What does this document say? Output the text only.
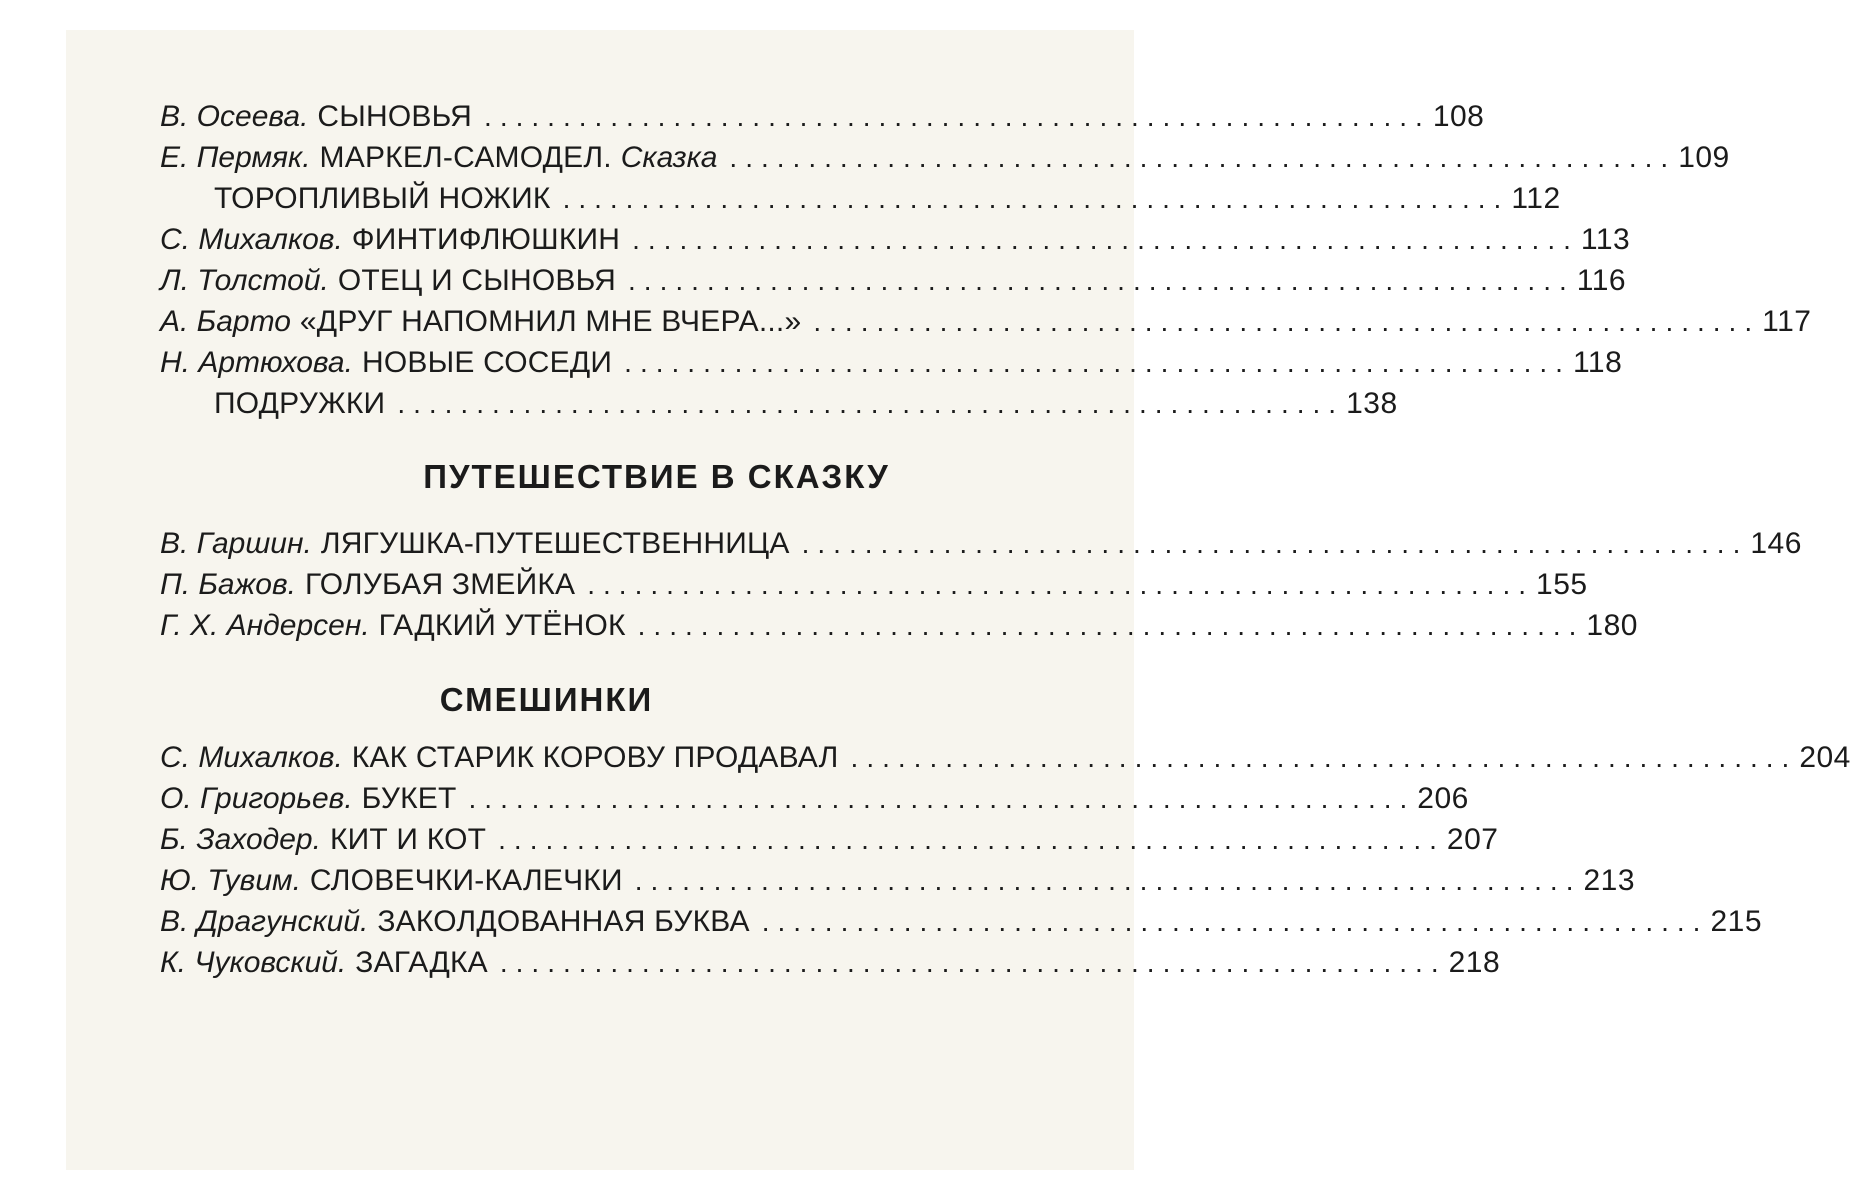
В. Осеева. СЫНОВЬЯ ............................................................ 108
Е. Пермяк. МАРКЕЛ-САМОДЕЛ. Сказка ............................................................ 109
ТОРОПЛИВЫЙ НОЖИК ............................................................ 112
С. Михалков. ФИНТИФЛЮШКИН ............................................................ 113
Л. Толстой. ОТЕЦ И СЫНОВЬЯ ............................................................ 116
А. Барто «ДРУГ НАПОМНИЛ МНЕ ВЧЕРА...» ............................................................ 117
Н. Артюхова. НОВЫЕ СОСЕДИ ............................................................ 118
ПОДРУЖКИ ............................................................ 138
ПУТЕШЕСТВИЕ В СКАЗКУ
В. Гаршин. ЛЯГУШКА-ПУТЕШЕСТВЕННИЦА ............................................................ 146
П. Бажов. ГОЛУБАЯ ЗМЕЙКА ............................................................ 155
Г. Х. Андерсен. ГАДКИЙ УТЁНОК ............................................................ 180
СМЕШИНКИ
С. Михалков. КАК СТАРИК КОРОВУ ПРОДАВАЛ ............................................................ 204
О. Григорьев. БУКЕТ ............................................................ 206
Б. Заходер. КИТ И КОТ ............................................................ 207
Ю. Тувим. СЛОВЕЧКИ-КАЛЕЧКИ ............................................................ 213
В. Драгунский. ЗАКОЛДОВАННАЯ БУКВА ............................................................ 215
К. Чуковский. ЗАГАДКА ............................................................ 218
